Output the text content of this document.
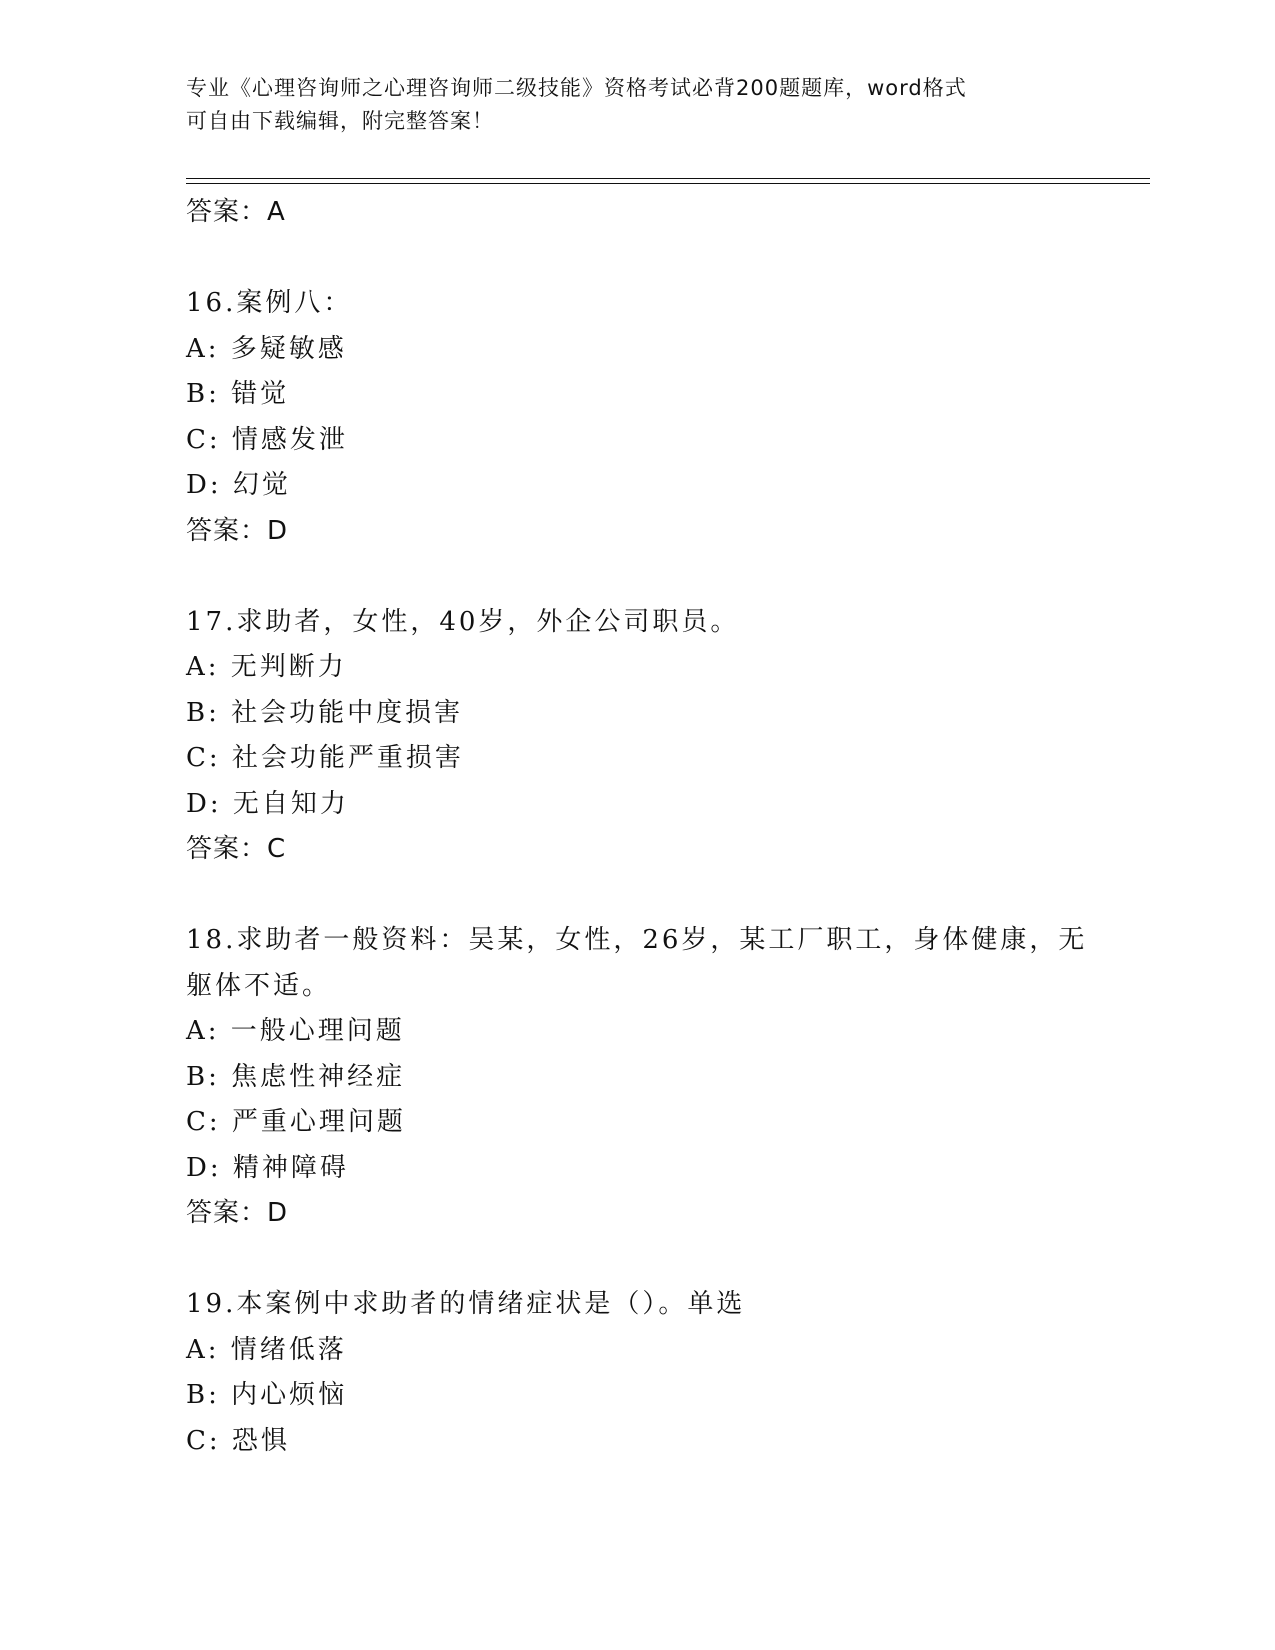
专业《心理咨询师之心理咨询师二级技能》资格考试必背200题题库，word格式
可自由下载编辑，附完整答案！
答案：A
16.案例八：
A: 多疑敏感
B: 错觉
C: 情感发泄
D: 幻觉
答案：D
17.求助者，女性，40岁，外企公司职员。
A: 无判断力
B: 社会功能中度损害
C: 社会功能严重损害
D: 无自知力
答案：C
18.求助者一般资料：吴某，女性，26岁，某工厂职工，身体健康，无
躯体不适。
A: 一般心理问题
B: 焦虑性神经症
C: 严重心理问题
D: 精神障碍
答案：D
19.本案例中求助者的情绪症状是（）。单选
A: 情绪低落
B: 内心烦恼
C: 恐惧
